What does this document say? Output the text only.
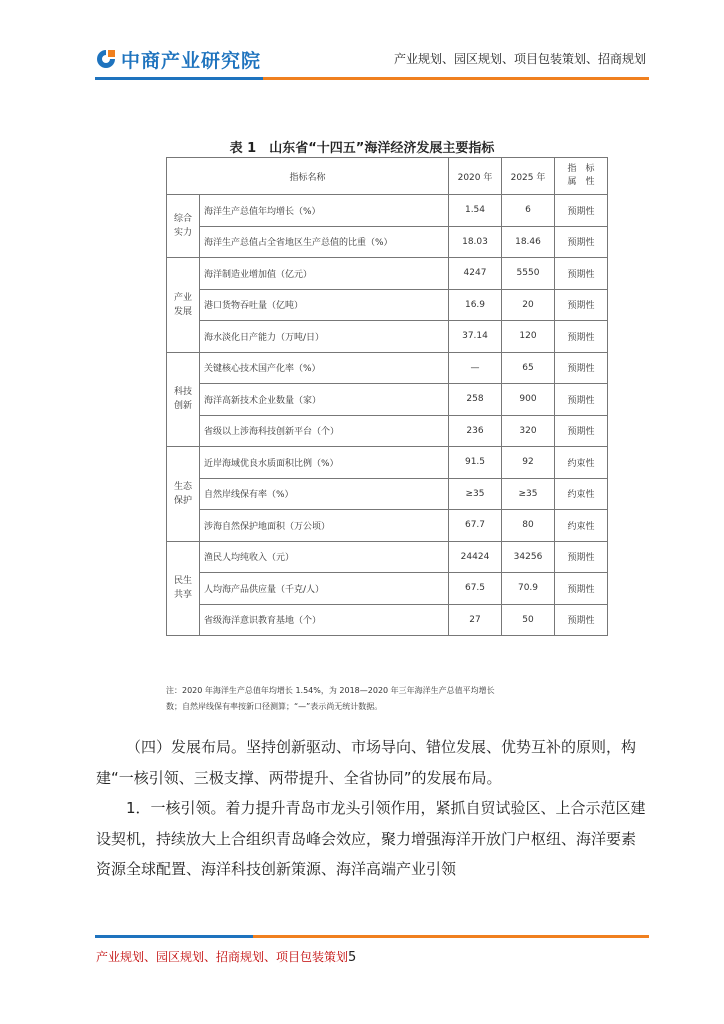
中商产业研究院	产业规划、园区规划、项目包装策划、招商规划
表 1　山东省“十四五”海洋经济发展主要指标
指标名称		2020 年	2025 年	指　标
属　性
综合
实力	海洋生产总值年均增长（%）	1.54	6	预期性
	海洋生产总值占全省地区生产总值的比重（%）	18.03	18.46	预期性
产业
发展	海洋制造业增加值（亿元）	4247	5550	预期性
	港口货物吞吐量（亿吨）	16.9	20	预期性
	海水淡化日产能力（万吨/日）	37.14	120	预期性
科技
创新	关键核心技术国产化率（%）	—	65	预期性
	海洋高新技术企业数量（家）	258	900	预期性
	省级以上涉海科技创新平台（个）	236	320	预期性
生态
保护	近岸海域优良水质面积比例（%）	91.5	92	约束性
	自然岸线保有率（%）	≥35	≥35	约束性
	涉海自然保护地面积（万公顷）	67.7	80	约束性
民生
共享	渔民人均纯收入（元）	24424	34256	预期性
	人均海产品供应量（千克/人）	67.5	70.9	预期性
	省级海洋意识教育基地（个）	27	50	预期性
注：2020 年海洋生产总值年均增长 1.54%，为 2018—2020 年三年海洋生产总值平均增长
数；自然岸线保有率按新口径测算；“—”表示尚无统计数据。

（四）发展布局。坚持创新驱动、市场导向、错位发展、优势互补的原则，构建“一核引领、三极支撑、两带提升、全省协同”的发展布局。

1．一核引领。着力提升青岛市龙头引领作用，紧抓自贸试验区、上合示范区建设契机，持续放大上合组织青岛峰会效应，聚力增强海洋开放门户枢纽、海洋要素资源全球配置、海洋科技创新策源、海洋高端产业引领

产业规划、园区规划、招商规划、项目包装策划5
